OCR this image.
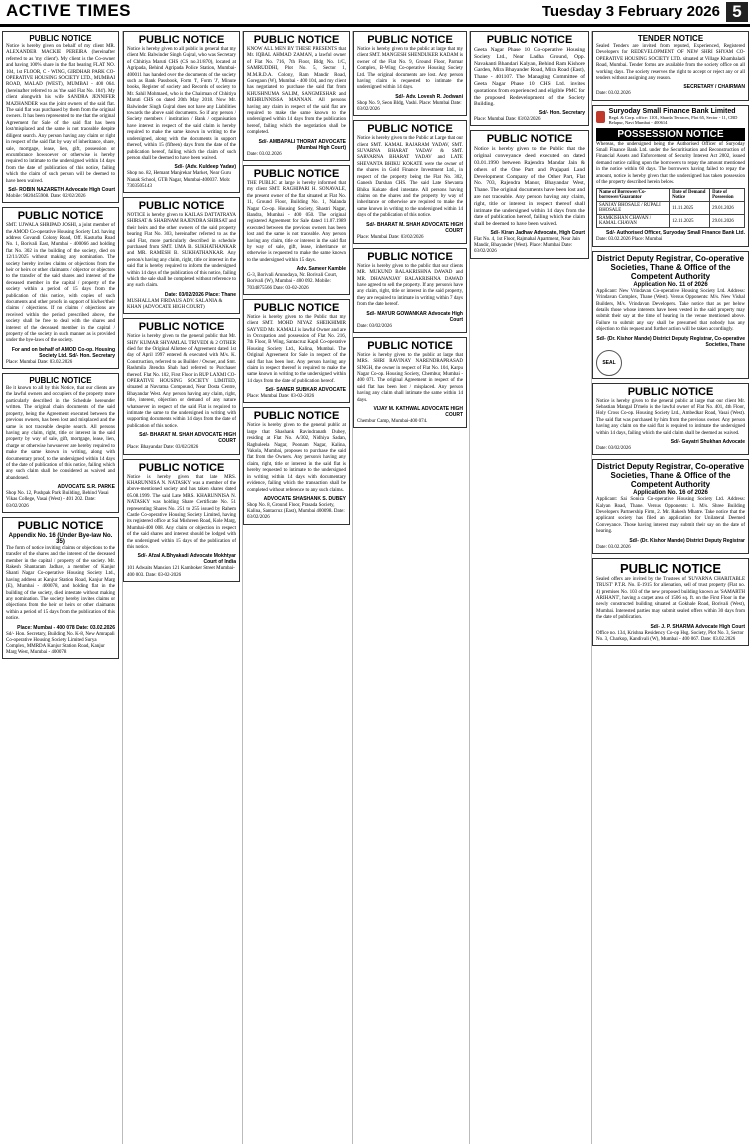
ACTIVE TIMES	Tuesday 3 February 2026 5
PUBLIC NOTICE
Notice is hereby given on behalf of my client MR. ALEXANDER MACKIE PEREIRA (hereinafter referred to as 'my client'). My client is the Co-owner and having 100% share in the flat bearing FLAT NO. 104, 1st FLOOR, C - WING, GIRDHAR PARK CO-OPERATIVE HOUSING SOCIETY LTD., MUMBAI ROAD, MALAD (WEST), MUMBAI - 400 064. (hereinafter referred to as 'the said Flat No. 104'). My client alongwith his wife SANDRA JENNIFER MAZHANDER was the joint owners of the said flat. The said flat was purchased by them from the original owners. It has been represented to me that the original Agreement for Sale of the said flat has been lost/misplaced and the same is not traceable despite diligent search. Any person having any claim or right in respect of the said flat by way of inheritance, share, sale, mortgage, lease, lien, gift, possession or encumbrance howsoever or otherwise is hereby required to intimate to the undersigned within 14 days from the date of publication of this notice, failing which the claim of such person will be deemed to have been waived.
Sd/- ROBIN NAZARETH Advocate High Court
Mobile: 9820455908. Date: 02/02/2026
PUBLIC NOTICE
SMT. UJWALA SHRIPAD JOSHI, a joint member of the AMOD Co-operative Housing Society Ltd. having address Govandi Colony Road, Off. Kasturba Road No. 1, Borivali East, Mumbai - 400066 and holding flat No. 302 in the building of the society, died on 12/11/2025 without making any nomination. The society hereby invites claims or objections from the heir or heirs or other claimants / objector or objectors to the transfer of the said shares and interest of the deceased member in the capital / property of the society within a period of 15 days from the publication of this notice, with copies of such documents and other proofs in support of his/her/their claims / objections. If no claims / objections are received within the period prescribed above, the society shall be free to deal with the shares and interest of the deceased member in the capital / property of the society in such manner as is provided under the bye-laws of the society.
For and on behalf of AMOD Co-op. Housing Society Ltd. Sd/- Hon. Secretary
Place: Mumbai Date: 03.02.2026
PUBLIC NOTICE
Be it known to all by this Notice, that our clients are the lawful owners and occupiers of the property more particularly described in the Schedule hereunder written. The original chain documents of the said property, being the Agreement executed between the previous owners, has been lost and misplaced and the same is not traceable despite search. All persons having any claim, right, title or interest in the said property by way of sale, gift, mortgage, lease, lien, charge or otherwise howsoever are hereby required to make the same known in writing, along with documentary proof, to the undersigned within 14 days of the date of publication of this notice, failing which any such claim shall be considered as waived and abandoned.
ADVOCATE S.R. PARKE
Shop No. 12, Pushpak Park Building, Behind Vasai Vikas College, Vasai (West) - 401 202. Date: 03/02/2026
PUBLIC NOTICE
Appendix No. 16 (Under Bye-law No. 35)
The form of notice inviting claims or objections to the transfer of the shares and the interest of the deceased member in the capital / property of the society. Mr. Rakesh Shantaram Jadhav, a member of Kanjur Shanti Nagar Co-operative Housing Society Ltd., having address at Kanjur Station Road, Kanjur Marg (E), Mumbai - 400078, and holding flat in the building of the society, died intestate without making any nomination. The society hereby invites claims or objections from the heir or heirs or other claimants within a period of 15 days from the publication of this notice.
Place: Mumbai - 400 078 Date: 03.02.2026
Sd/- Hon. Secretary, Building No. K-8, New Amrapali Co-operative Housing Society Limited Surya Complex, MMRDA Kanjur Station Road, Kanjur Marg West, Mumbai - 400078
PUBLIC NOTICE
Notice is hereby given to all public in general that my client Mr. Balwinder Singh Gujral, who was Secretary of Chhitiya Maruti CHS (CS no.31/870), located at Agripada, Behind Agripada Police Station, Mumbai-400011 has handed over the documents of the society such as Bank Passbook, Form 'I', Form 'J', Minute books, Register of society and Records of society to Mr. Sahil Mohmaed, who is the Chairman of Chhitiya Maruti CHS on dated 20th May 2018. Now Mr. Balwinder Singh Gujral does not have any Liabilities towards the above said documents. So if any person / Society members / institution / Bank / organisation have interest in respect of the said claim is hereby required to make the same known in writing to the undersigned, along with the documents in support thereof, within 15 (fifteen) days from the date of the publication hereof, failing which the claim of such person shall be deemed to have been waived.
Sd/- (Adv. Kuldeep Yadav)
Shop no. 82, Hemant Manjrekar Market, Near Guru Nanak School, GTB Nagar, Mumbai-400037. Mob: 7303505143
PUBLIC NOTICE
NOTICE is hereby given to KAILAS DATTATRAYA SHIRSAT & SHABNAM RAJENDRA SHIRSAT and their heirs and the other owners of the said property bearing Flat No. 303, hereinafter referred to as the said Flat, more particularly described in schedule purchased from SMT. UMA B. SUKHATHANKAR and MR. RAMESH B. SUKHATHANKAR. Any person/s having any claim, right, title or interest in the said flat is hereby required to inform the undersigned within 14 days of the publication of this notice, failing which the sale shall be completed without reference to any such claim.
Date: 03/02/2026 Place: Thane
MUSHALLAM FIRDAUS ADV. SALANIA & KHAN (ADVOCATE HIGH COURT)
PUBLIC NOTICE
Notice is hereby given to the general public that Mr. SHIV KUMAR SHYAMLAL TRIVEDI & 2 OTHER died for the Original Allottee of Agreement dated 1st day of April 1997 entered & executed with M/s. K. Construction, referred to as Builder / Owner, and Smt. Rashmila Jitendra Shah had referred to Purchaser thereof. Flat No. 102, First Floor in RUP LAXMI CO-OPERATIVE HOUSING SOCIETY LIMITED, situated at Navratna Compound, Near Dosta Centre, Bhayandar West. Any person having any claim, right, title, interest, objection or demand of any nature whatsoever in respect of the said Flat is required to intimate the same to the undersigned in writing with supporting documents within 14 days from the date of publication of this notice.
Sd/- BHARAT M. SHAH ADVOCATE HIGH COURT
Place: Bhayandar Date: 03/02/2026
PUBLIC NOTICE
Notice is hereby given that late MRS. KHARUNNISA N. NATASKY was a member of the above-mentioned society and has taken shares dated 05.08.1999. The said Late MRS. KHARUNNISA N. NATASKY was holding Share Certificate No. 51 representing Shares No. 251 to 255 issued by Rahem Castle Co-operative Housing Society Limited, having its registered office at Sai Mishreen Road, Kole Marg, Mumbai-400 008. Any claim or objection in respect of the said shares and interest should be lodged with the undersigned within 15 days of the publication of this notice.
Sd/- Afzal A.Bhyakadi Advocate Mokhtyar Court of India
101 Adwaits Mansion 121 Kamboker Street Mumbai-400 003. Date: 03-02-2026
PUBLIC NOTICE
KNOW ALL MEN BY THESE PRESENTS that Mr. IQBAL AHMAD ZAMAN, a lawful owner of Flat No. 716, 7th Floor, Bldg No. 1/C, SAMRUDDHI, Plot No. 5, Sector 1, M.M.R.D.A. Colony, Ram Mandir Road, Goregaon (W), Mumbai - 400 104, and my client has negotiated to purchase the said flat from KHUSHNUMA SALIM, SANGMESHAR and MEHRUNNISSA MANNAN. All persons having any claim in respect of the said flat are required to make the same known to the undersigned within 14 days from the publication hereof, failing which the negotiation shall be completed.
Sd/- AMBAPALI THORAT ADVOCATE (Mumbai High Court)
Date: 03.02.2026
PUBLIC NOTICE
THE PUBLIC at large is hereby informed that my client SMT. RAGHIPARI H. SONAVALE, the present owner of the flat situated at Flat No. 11, Ground Floor, Building No. 1, Nalanda Nagar Co-op. Housing Society, Shastri Nagar, Bandra, Mumbai - 400 050. The original registered Agreement for Sale dated 11.07.1989 executed between the previous owners has been lost and the same is not traceable. Any person having any claim, title or interest in the said flat by way of sale, gift, lease, inheritance or otherwise is requested to make the same known to the undersigned within 15 days.
Adv. Sameer Kamble
G-3, Borivali Arunodaya, Nr. Borivali Court, Borivali (W), Mumbai - 400 092. Mobile: 7034875566 Date: 03-02-2026
PUBLIC NOTICE
Notice is hereby given to the Public that my client SMT. MOHD NIYAZ SHEIKHIMIR SAYYED Mr. KAMALI is lawful Owner and are in Occupation and possession of Flat No. 216, 7th Floor, B Wing, Santacruz Kapil Co-operative Housing Society Ltd., Kalina, Mumbai. The Original Agreement for Sale in respect of the said flat has been lost. Any person having any claim in respect thereof is required to make the same known in writing to the undersigned within 14 days from the date of publication hereof.
Sd/- SAMER SUBKAR ADVOCATE
Place: Mumbai Date: 03-02-2026
PUBLIC NOTICE
Notice is hereby given to the general public at large that Shashank Ravindranath Dubey, residing at Flat No. A/302, Nidhiya Sadan, Raghuleela Nagar, Poonam Nagar, Kalina, Vakola, Mumbai, proposes to purchase the said flat from the Owners. Any person/s having any claim, right, title or interest in the said flat is hereby requested to intimate to the undersigned in writing within 14 days with documentary evidence, failing which the transaction shall be completed without reference to any such claims.
ADVOCATE SHASHANK S. DUBEY
Shop No. 8, Ground Floor, Prasada Society, Kalina, Santacruz (East), Mumbai 400098. Date: 03/02/2026
PUBLIC NOTICE
Notice is hereby given to the public at large that my client SMT. MANGESH SHENDUKER KADAM is owner of the Flat No. 9, Ground Floor, Parmar Complex, B-Wing Co-operative Housing Society Ltd. The original documents are lost. Any person having claim is requested to intimate the undersigned within 14 days.
Sd/- Adv. Lovesh R. Jodwani
Shop No. 9, Seon Bldg, Vashi. Place: Mumbai Date: 03/02/2026
PUBLIC NOTICE
Notice is hereby given to the Public at Large that our client SMT. KAMAL RAJARAM YADAV, SMT. SUVARNA BHARAT YADAV & SMT. SARVARNA BHARAT YADAV and LATE SHEVANTA BHIKU KOKATE were the owner of the shares in Gold Finance Investment Ltd., in respect of the property being the Flat No. 302, Ganesh Darshan CHS. The said Late Shevanta Bhiku Kokate died intestate. All persons having claims on the shares and the property by way of inheritance or otherwise are required to make the same known in writing to the undersigned within 14 days of the publication of this notice.
Sd/- BHARAT M. SHAH ADVOCATE HIGH COURT
Place: Mumbai Date: 03/02/2026
PUBLIC NOTICE
Notice is hereby given to the public that our clients MR. MUKUND BALAKRISHNA DAWAD and MR. DHANANJAY BALAKRISHNA DAWAD have agreed to sell the property. If any person/s have any claim, right, title or interest in the said property, they are required to intimate in writing within 7 days from the date hereof.
Sd/- MAYUR GOWANKAR Advocate High Court
Date: 03/02/2026
PUBLIC NOTICE
Notice is hereby given to the public at large that MRS. SHRI RAVINAY NARENDRAPRASAD SINGH, the owner in respect of Flat No. 104, Karpu Nagar Co-op. Housing Society, Chembur, Mumbai - 400 071. The original Agreement in respect of the said flat has been lost / misplaced. Any person having any claim shall intimate the same within 14 days.
VIJAY M. KATHWAL ADVOCATE HIGH COURT
Chembur Camp, Mumbai-400 074.
PUBLIC NOTICE
Geeta Nagar Phase 10 Co-operative Housing Society Ltd., Near Ladha Ground, Opp. Navakanti Bhandari Kalyan, Behind Ram Kishore Garden, Mira Bhayander Road, Mira Road (East), Thane - 401107. The Managing Committee of Geeta Nagar Phase 10 CHS Ltd. invites quotations from experienced and eligible PMC for the proposed Redevelopment of the Society Building.
Sd/- Hon. Secretary
Place: Mumbai Date: 03/02/2026
PUBLIC NOTICE
Notice is hereby given to the Public that the original conveyance deed executed on dated 03.01.1990 between Rajendra Mandar Jain & others of the One Part and Prajapati Land Development Company of the Other Part, Flat No. 703, Rajendra Manor, Bhayandar West, Thane. The original documents have been lost and are not traceable. Any person having any claim, right, title or interest in respect thereof shall intimate the undersigned within 14 days from the date of publication hereof, failing which the claim shall be deemed to have been waived.
Sd/- Kiran Jadhav Advocate, High Court
Flat No. 4, 1st Floor, Rajmahal Apartment, Near Jain Mandir, Bhayander (West). Place: Mumbai Date: 03/02/2026
TENDER NOTICE
Sealed Tenders are invited from reputed, Experienced, Registered Developers for REDEVELOPMENT OF NEW SHRI SHYAM CO-OPERATIVE HOUSING SOCIETY LTD. situated at Village Khambaladi Road, Mumbai. Tender forms are available from the society office on all working days. The society reserves the right to accept or reject any or all tenders without assigning any reason.
SECRETARY / CHAIRMAN
Date: 03.02.2026
Suryoday Small Finance Bank Limited
Regd. & Corp. office: 1101, Sharda Terraces, Plot 65, Sector - 11, CBD Belapur, Navi Mumbai - 400614
POSSESSION NOTICE
Whereas, the undersigned being the Authorised Officer of Suryoday Small Finance Bank Ltd. under the Securitisation and Reconstruction of Financial Assets and Enforcement of Security Interest Act 2002, issued demand notice calling upon the borrowers to repay the amount mentioned in the notice within 60 days. The borrowers having failed to repay the amount, notice is hereby given that the undersigned has taken possession of the property described herein below.
Name of Borrower/Co-borrower/Guarantor	Date of Demand Notice	Date of Possession
SANJAY BHOSALE / RUPALI BHOSALE	11.11.2025	29.01.2026
RAMKISHAN CHAVAN / KAMAL CHAVAN	12.11.2025	29.01.2026
Sd/- Authorised Officer, Suryoday Small Finance Bank Ltd.
Date: 03.02.2026 Place: Mumbai
District Deputy Registrar, Co-operative Societies, Thane & Office of the Competent Authority
Application No. 11 of 2026
Applicant: New Vrindavan Co-operative Housing Society Ltd. Address: Vrindavan Complex, Thane (West). Versus Opponents: M/s. New Vishal Builders, M/s. Vrindavan Developers. Take notice that as per below details those whose interests have been vested in the said property may submit their say at the time of hearing in the venue mentioned above. Failure to submit any say shall be presumed that nobody has any objection to this request and further action will be taken accordingly.
Sd/- (Dr. Kishor Mande) District Deputy Registrar, Co-operative Societies, Thane
SEAL
PUBLIC NOTICE
Notice is hereby given to the general public at large that our client Mr. Sebastian Mangal D'melo is the lawful owner of Flat No. 401, 4th Floor, Holy Cross Co-op. Housing Society Ltd., Ambedkar Road, Vasai (West). The said flat was purchased by him from the previous owner. Any person having any claim on the said flat is required to intimate the undersigned within 14 days, failing which the said claim shall be deemed as waived.
Sd/- Gayatri Shukhan Advocate
Date: 03/02/2026
District Deputy Registrar, Co-operative Societies, Thane & Office of the Competent Authority
Application No. 16 of 2026
Applicant: Sai Sonica Co-operative Housing Society Ltd. Address: Kalyan Road, Thane. Versus Opponents: 1. M/s. Shree Building Developers Partnership Firm, 2. Mr. Rakesh Mhatre. Take notice that the applicant society has filed an application for Unilateral Deemed Conveyance. Those having interest may submit their say on the date of hearing.
Sd/- (Dr. Kishor Mande) District Deputy Registrar
Date: 03.02.2026
PUBLIC NOTICE
Sealed offers are invited by the Trustees of 'SUVARNA CHARITABLE TRUST' P.T.R. No. E-1915 for alienation, sell of trust property (Flat no. 4) premises No. 103 of the new proposed building known as 'SAMARTH ARIHANT', having a carpet area of 1506 sq. ft. on the First Floor in the newly constructed building situated at Gokhale Road, Borivali (West), Mumbai. Interested parties may submit sealed offers within 30 days from the date of publication.
Sd/- J. P. SHARMA Advocate High Court
Office no. 134, Krishna Residency Co-op Hsg. Society, Plot No. 3, Sector No. 3, Charkop, Kandivali (W), Mumbai - 400 067. Date: 03.02.2026
